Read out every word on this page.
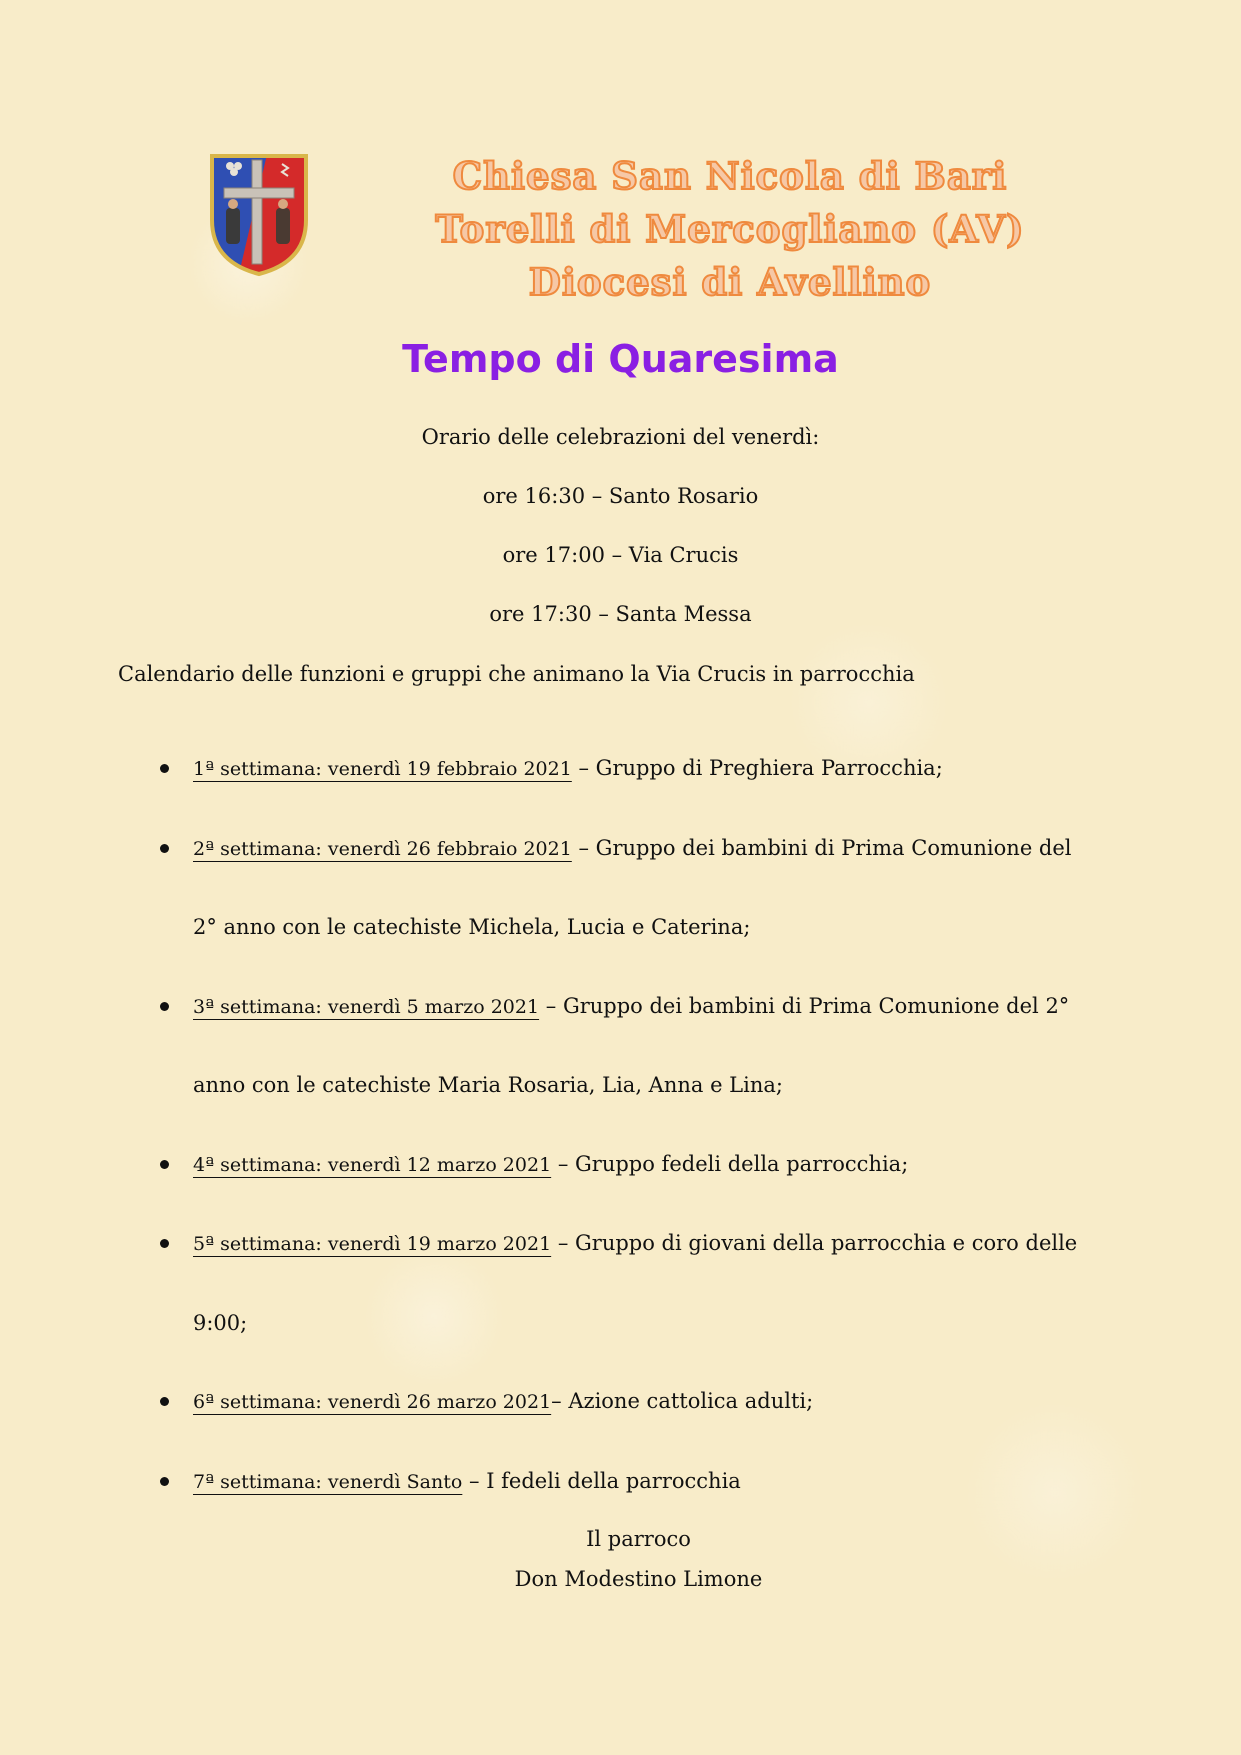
Chiesa San Nicola di Bari
Torelli di Mercogliano (AV)
Diocesi di Avellino
Tempo di Quaresima
Orario delle celebrazioni del venerdì:
ore 16:30 – Santo Rosario
ore 17:00 – Via Crucis
ore 17:30 – Santa Messa
Calendario delle funzioni e gruppi che animano la Via Crucis in parrocchia
1ª settimana: venerdì 19 febbraio 2021 – Gruppo di Preghiera Parrocchia;
2ª settimana: venerdì 26 febbraio 2021 – Gruppo dei bambini di Prima Comunione del
2° anno con le catechiste Michela, Lucia e Caterina;
3ª settimana: venerdì 5 marzo 2021 – Gruppo dei bambini di Prima Comunione del 2°
anno con le catechiste Maria Rosaria, Lia, Anna e Lina;
4ª settimana: venerdì 12 marzo 2021 – Gruppo fedeli della parrocchia;
5ª settimana: venerdì 19 marzo 2021 – Gruppo di giovani della parrocchia e coro delle
9:00;
6ª settimana: venerdì 26 marzo 2021– Azione cattolica adulti;
7ª settimana: venerdì Santo – I fedeli della parrocchia
Il parroco
Don Modestino Limone
